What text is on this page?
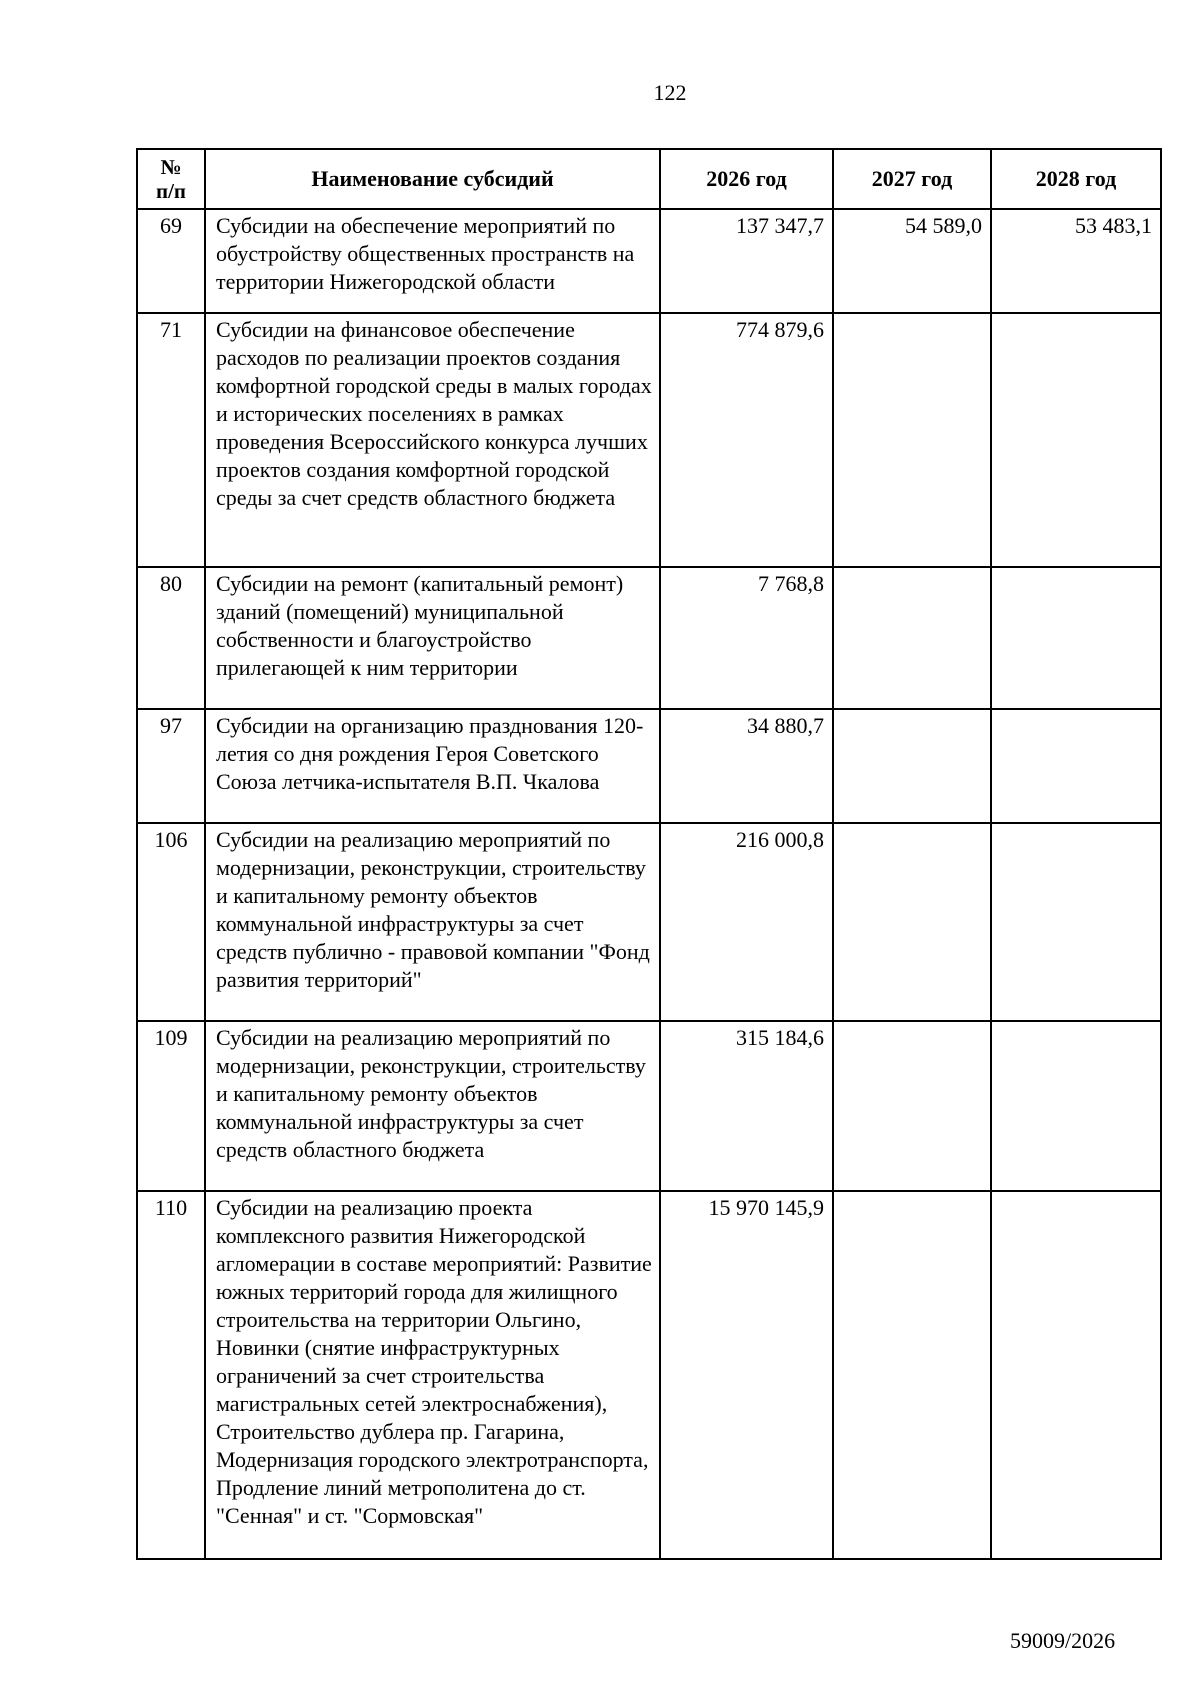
122
№
п/п	Наименование субсидий	2026 год	2027 год	2028 год
69	Субсидии на обеспечение мероприятий по обустройству общественных пространств на территории Нижегородской области	137 347,7	54 589,0	53 483,1
71	Субсидии на финансовое обеспечение расходов по реализации проектов создания комфортной городской среды в малых городах и исторических поселениях в рамках проведения Всероссийского конкурса лучших проектов создания комфортной городской среды за счет средств областного бюджета	774 879,6		
80	Субсидии на ремонт (капитальный ремонт) зданий (помещений) муниципальной собственности и благоустройство прилегающей к ним территории	7 768,8		
97	Субсидии на организацию празднования 120-летия со дня рождения Героя Советского Союза летчика-испытателя В.П. Чкалова	34 880,7		
106	Субсидии на реализацию мероприятий по модернизации, реконструкции, строительству и капитальному ремонту объектов коммунальной инфраструктуры за счет средств публично - правовой компании "Фонд развития территорий"	216 000,8		
109	Субсидии на реализацию мероприятий по модернизации, реконструкции, строительству и капитальному ремонту объектов коммунальной инфраструктуры за счет средств областного бюджета	315 184,6		
110	Субсидии на реализацию проекта комплексного развития Нижегородской агломерации в составе мероприятий: Развитие южных территорий города для жилищного строительства на территории Ольгино, Новинки (снятие инфраструктурных ограничений за счет строительства магистральных сетей электроснабжения), Строительство дублера пр. Гагарина, Модернизация городского электротранспорта, Продление линий метрополитена до ст. "Сенная" и ст. "Сормовская"	15 970 145,9		
59009/2026
